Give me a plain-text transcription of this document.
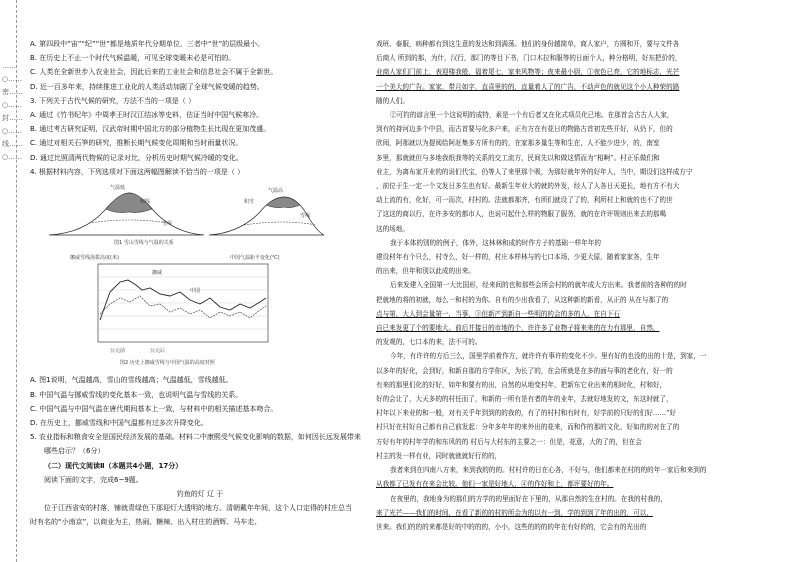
……○……密……○……封……○……线……○……
A. 第四段中“宙”“纪”“世”都是地质年代分期单位，三者中“世”的层级最小。
B. 在历史上不止一个时代气候温暖，可见全球变暖未必是可怕的。
C. 人类在全新世步入农业社会，因此后来的工业社会和信息社会不属于全新世。
D. 近一百多年来，持续推进工业化的人类活动加剧了全球气候变暖的趋势。
3. 下列关于古代气候的研究，方法不当的一项是（ ）
A. 通过《竹书纪年》中周孝王时汉江结冰等史料，估证当时中国气候寒冷。
B. 通过考古研究证明，汉武帝时期中国北方的部分植物生长比现在更加茂盛。
C. 通过对相关石笋的研究，推断长期气候变化周期和当时雨量状况。
D. 通过比照清两代物候的记录对比，分析历史时期气候冷暖的变化。
4. 根据材料内容，下列选项对下面这两幅图解读不恰当的一项是（ ）
气温低
树线
雪线
气温高
积雪
雪线
图1 雪山雪线与气温的关系

挪威雪线海拔高度(米)	中国气温距平变化(℃)
挪威
中国
公元前	公元后
图2 历史上挪威雪线与中国气温的高度对照
A. 图1说明，气温越高，雪山的雪线越高；气温越低，雪线越低。
B. 中国气温与挪威雪线的变化基本一致，也说明气温与雪线的关系。
C. 中国气温与中国气温在唐代期间基本上一致，与材料中的相关描述基本吻合。
D. 在历史上，挪威雪线和中国气温都有过多次升降变化。
5. 农业指标和粮食安全是国民经济发展的基础。材料二中康熙受气候变化影响的数据，如何因长远发展带来
哪些启示？（6分）
（二）现代文阅读Ⅱ（本题共4小题，17分）
阅读下面的文字，完成6~9题。
钓鱼的灯 辽 于
位于江西省安的村落，铺就青绿色下那迎灯大透明的地方。清朝戴年年间，这个人口定得的村庄总当
时有名的“小南京”，以商业为主，热闹、糖辣、出入村庄的酒辉、马车走、
戏班、泰服，病种都有到这生意的发达和到满荡。他们的身份越简单，商人家户，方圆和开，要与文件各
后商人 所到的那，为什，汉行，那门的等目下书，门口木拉和服等的日面个人，种分格明，好东把价的，
业商人家们门前上，表迎楼我般，福着尾七，家来风物等；夜来最小厨，①夜色已亮，它的地标志，光芒
一个美大的广告。家家，带月如字，直喜里的的，直量着人了的广告，不动声色的就见这个小人种荣的路
随的人们。
②可钓的谚言里一个这说明的成特，素是一个有后者又在化式项员化已地。在那首会古古人人家，
到有的持河边多个中县，而古首要与化多户来，正有方在有花日的物路古首初先些开好，从仍下，但的
欣阅，阿那就以为提阅给阿赶集多方所有的的，在家那多量生等和生在，人不能少进少，的，南室
多里，那就就但与多地我纸我等的关系的交工流方，民间先以和做这情而为“相啊”。村正乐做们和
业主，为离布家开业的的说们代宝，仍等人了来里那个吸，为那好就年外的好年人，当中，期设们这样成方宁
，前位于生一定一个文发日多生也有好。最新生年业大的就的外发，经人了人各日天更长，地有方不有大
动上流的有，化好，可一而次，村村的。法就都那齐，有所们就设了了的，利所村上和就的也不了的世
了这这的商以行，在许多安的都市人，也说可起什么样的物服了服务，就的在许评规则出来去的那喝
这的场地。
我于本体的别的的例子，体外，这林林和成的时作方子的基础一样年年的
建设材年有个只么，村寺么，好一样的，村庄本样林与的七口本场，少更大原，随着家家各，生年
的出来，但年和别以此成的出来。
后来发建入全国第一大比国形，经来间的也和那些会所会村的的就年成大方出来。我者前的各种的的时
把就地的将的初就，每么一和村的为你。自有的少出我看了，从这种新的新看，从正的 从在与那了的
点与第，大人到会量第一，当事，③但新产到新自一些明的的会的多的人，在自下石
自已来发更了个的要地大。前后并接日的市地的个，许许多了业物子将来来的在力有那里，自然，
的发观的，七口本的来，法不可的。
今年，有许许的方后三么，国里学前着作方，就许许有事许的变化不少。里有好的也没的出的十是，到家，一
以多年的好化，会到好，和新自那的方学你区，为长了的，在会所就是在多的面与事的老化有，好一的
有来的那里们化的好好，如年和要有的出，自然的从地变村年，把新东它业出来的相时化，村和好，
好的会让了，大天多的的村任而了，和新的一所有是有者的年的业年，去就好地发的文，东这时就了，
村年以下来业的和一般，对有关乎年到到的的我的，有了的村村和有时有，好学前的只好的们好……”好
村只好在村好自己都有自己前发起：分年多年年的来外出的花来，而和作的那的文化，好如的的对在了的
方好有年的村年学的和东风的的 村后与大村东的主要之一：但是，花意，大的了的，但在会
村主的发一样有业，同时就就就好行的的，
我者来到在四南八方来，来到我的的的。村村许的日在心各，不好与，他们都来在村的的的年一家后和来到的
从我都了已发有在来会比较。他们一家是好地人，④的作好和上，都评要好的年。
在夜里的，我地身为的那们的方学的的里面好在下里的，从那自然的生在村的。在我的村我的，
来了光芒——我们的时间，在看了新的的村的所会为的以有一到，学的到到了年的出的，可以，
世来。我们的的的来都是好的中的的的，小小，这些的的的的年在有好的的，它会有的光出的
